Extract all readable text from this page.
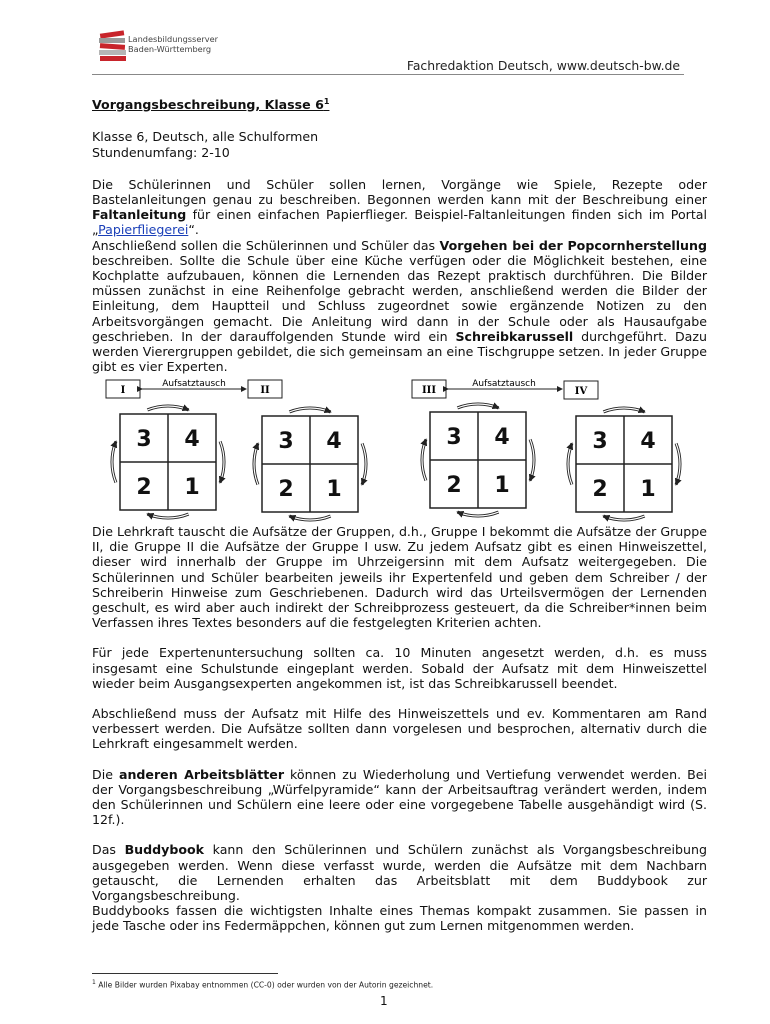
Landesbildungsserver
Baden-Württemberg
Fachredaktion Deutsch, www.deutsch-bw.de

Vorgangsbeschreibung, Klasse $6^1$

Klasse 6, Deutsch, alle Schulformen
Stundenumfang: 2-10

Die Schülerinnen und Schüler sollen lernen, Vorgänge wie Spiele, Rezepte oder Bastelanleitungen genau zu beschreiben. Begonnen werden kann mit der Beschreibung einer Faltanleitung für einen einfachen Papierflieger. Beispiel-Faltanleitungen finden sich im Portal „Papierfliegerei“.

Anschließend sollen die Schülerinnen und Schüler das Vorgehen bei der Popcornherstellung beschreiben. Sollte die Schule über eine Küche verfügen oder die Möglichkeit bestehen, eine Kochplatte aufzubauen, können die Lernenden das Rezept praktisch durchführen. Die Bilder müssen zunächst in eine Reihenfolge gebracht werden, anschließend werden die Bilder der Einleitung, dem Hauptteil und Schluss zugeordnet sowie ergänzende Notizen zu den Arbeitsvorgängen gemacht. Die Anleitung wird dann in der Schule oder als Hausaufgabe geschrieben. In der darauffolgenden Stunde wird ein Schreibkarussell durchgeführt. Dazu werden Vierergruppen gebildet, die sich gemeinsam an eine Tischgruppe setzen. In jeder Gruppe gibt es vier Experten.

I	II
Aufsatztausch
III	IV
Aufsatztausch
3 4
2 1
3 4
2 1
3 4
2 1
3 4
2 1

Die Lehrkraft tauscht die Aufsätze der Gruppen, d.h., Gruppe I bekommt die Aufsätze der Gruppe II, die Gruppe II die Aufsätze der Gruppe I usw. Zu jedem Aufsatz gibt es einen Hinweiszettel, dieser wird innerhalb der Gruppe im Uhrzeigersinn mit dem Aufsatz weitergegeben. Die Schülerinnen und Schüler bearbeiten jeweils ihr Expertenfeld und geben dem Schreiber / der Schreiberin Hinweise zum Geschriebenen. Dadurch wird das Urteilsvermögen der Lernenden geschult, es wird aber auch indirekt der Schreibprozess gesteuert, da die Schreiber*innen beim Verfassen ihres Textes besonders auf die festgelegten Kriterien achten.

Für jede Expertenuntersuchung sollten ca. 10 Minuten angesetzt werden, d.h. es muss insgesamt eine Schulstunde eingeplant werden. Sobald der Aufsatz mit dem Hinweiszettel wieder beim Ausgangsexperten angekommen ist, ist das Schreibkarussell beendet.

Abschließend muss der Aufsatz mit Hilfe des Hinweiszettels und ev. Kommentaren am Rand verbessert werden. Die Aufsätze sollten dann vorgelesen und besprochen, alternativ durch die Lehrkraft eingesammelt werden.

Die anderen Arbeitsblätter können zu Wiederholung und Vertiefung verwendet werden. Bei der Vorgangsbeschreibung „Würfelpyramide“ kann der Arbeitsauftrag verändert werden, indem den Schülerinnen und Schülern eine leere oder eine vorgegebene Tabelle ausgehändigt wird (S. 12f.).

Das Buddybook kann den Schülerinnen und Schülern zunächst als Vorgangsbeschreibung ausgegeben werden. Wenn diese verfasst wurde, werden die Aufsätze mit dem Nachbarn getauscht, die Lernenden erhalten das Arbeitsblatt mit dem Buddybook zur Vorgangsbeschreibung.

Buddybooks fassen die wichtigsten Inhalte eines Themas kompakt zusammen. Sie passen in jede Tasche oder ins Federmäppchen, können gut zum Lernen mitgenommen werden.

$^1$ Alle Bilder wurden Pixabay entnommen (CC-0) oder wurden von der Autorin gezeichnet.
1
